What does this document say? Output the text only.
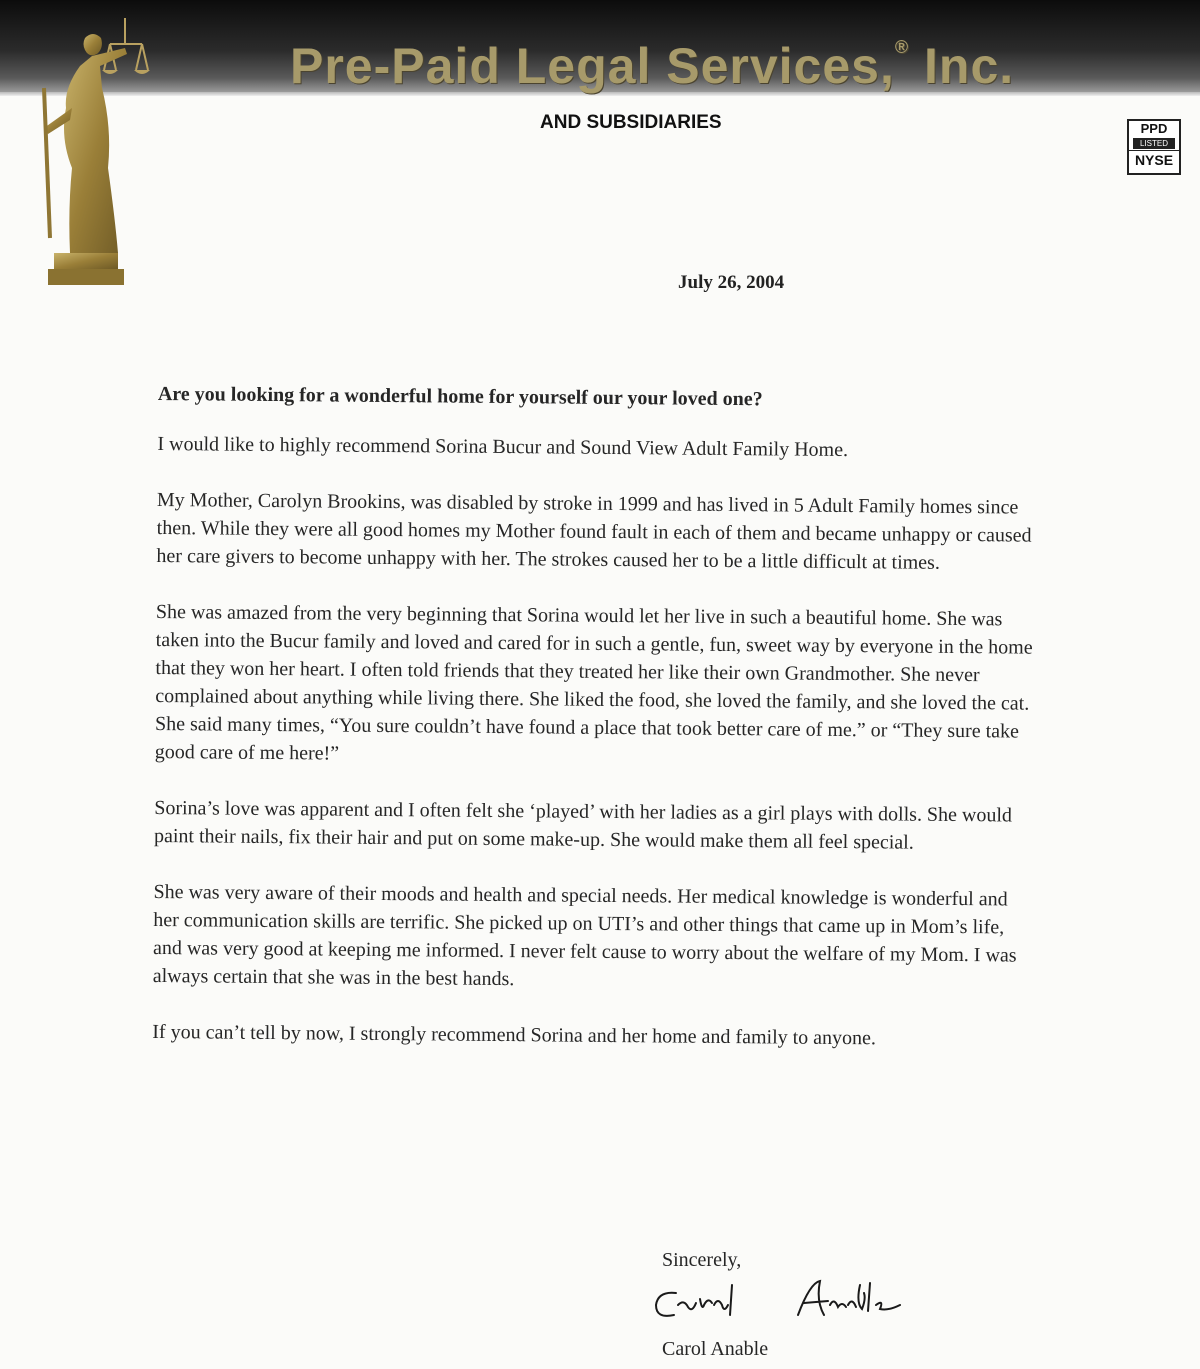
Pre-Paid Legal Services,® Inc.
AND SUBSIDIARIES	PPD
LISTED
NYSE
July 26, 2004

Are you looking for a wonderful home for yourself our your loved one?

I would like to highly recommend Sorina Bucur and Sound View Adult Family Home.

My Mother, Carolyn Brookins, was disabled by stroke in 1999 and has lived in 5 Adult Family homes since then. While they were all good homes my Mother found fault in each of them and became unhappy or caused her care givers to become unhappy with her. The strokes caused her to be a little difficult at times.

She was amazed from the very beginning that Sorina would let her live in such a beautiful home. She was taken into the Bucur family and loved and cared for in such a gentle, fun, sweet way by everyone in the home that they won her heart. I often told friends that they treated her like their own Grandmother. She never complained about anything while living there. She liked the food, she loved the family, and she loved the cat. She said many times, “You sure couldn’t have found a place that took better care of me.” or “They sure take good care of me here!”

Sorina’s love was apparent and I often felt she ‘played’ with her ladies as a girl plays with dolls. She would paint their nails, fix their hair and put on some make-up. She would make them all feel special.

She was very aware of their moods and health and special needs. Her medical knowledge is wonderful and her communication skills are terrific. She picked up on UTI’s and other things that came up in Mom’s life, and was very good at keeping me informed. I never felt cause to worry about the welfare of my Mom. I was always certain that she was in the best hands.

If you can’t tell by now, I strongly recommend Sorina and her home and family to anyone.

Sincerely,
Carol Anable
